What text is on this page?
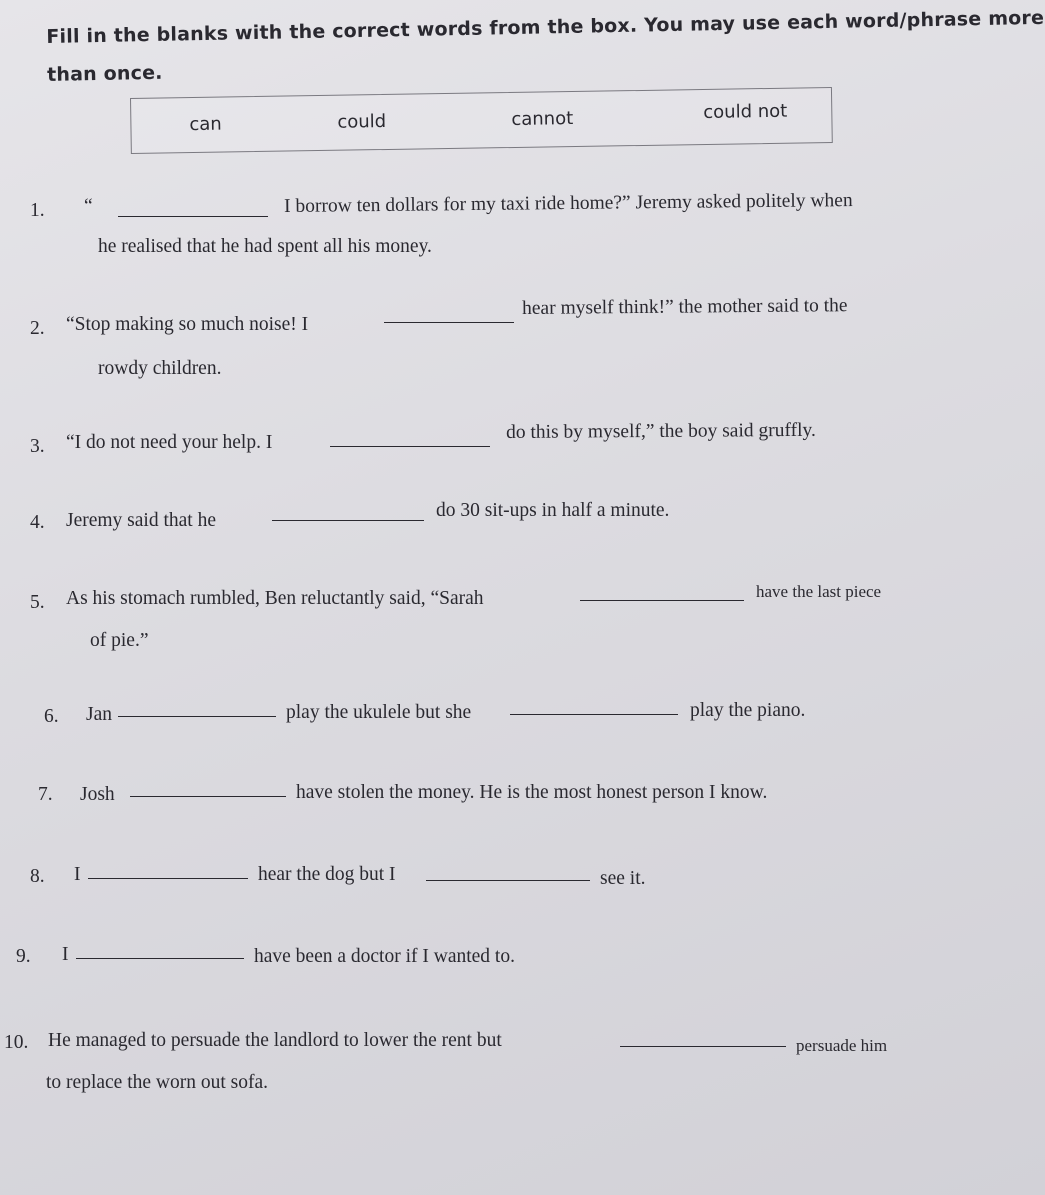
Fill in the blanks with the correct words from the box. You may use each word/phrase more
than once.
can	could	cannot	could not
1. “	I borrow ten dollars for my taxi ride home?” Jeremy asked politely when
he realised that he had spent all his money.
2. “Stop making so much noise! I
hear myself think!” the mother said to the
rowdy children.
3. “I do not need your help. I	do this by myself,” the boy said gruffly.
4. Jeremy said that he	do 30 sit-ups in half a minute.
5. As his stomach rumbled, Ben reluctantly said, “Sarah	have the last piece
of pie.”
6. Jan	play the ukulele but she	play the piano.
7. Josh	have stolen the money. He is the most honest person I know.
8. I	hear the dog but I	see it.
9. I	have been a doctor if I wanted to.
10. He managed to persuade the landlord to lower the rent but	persuade him
to replace the worn out sofa.
